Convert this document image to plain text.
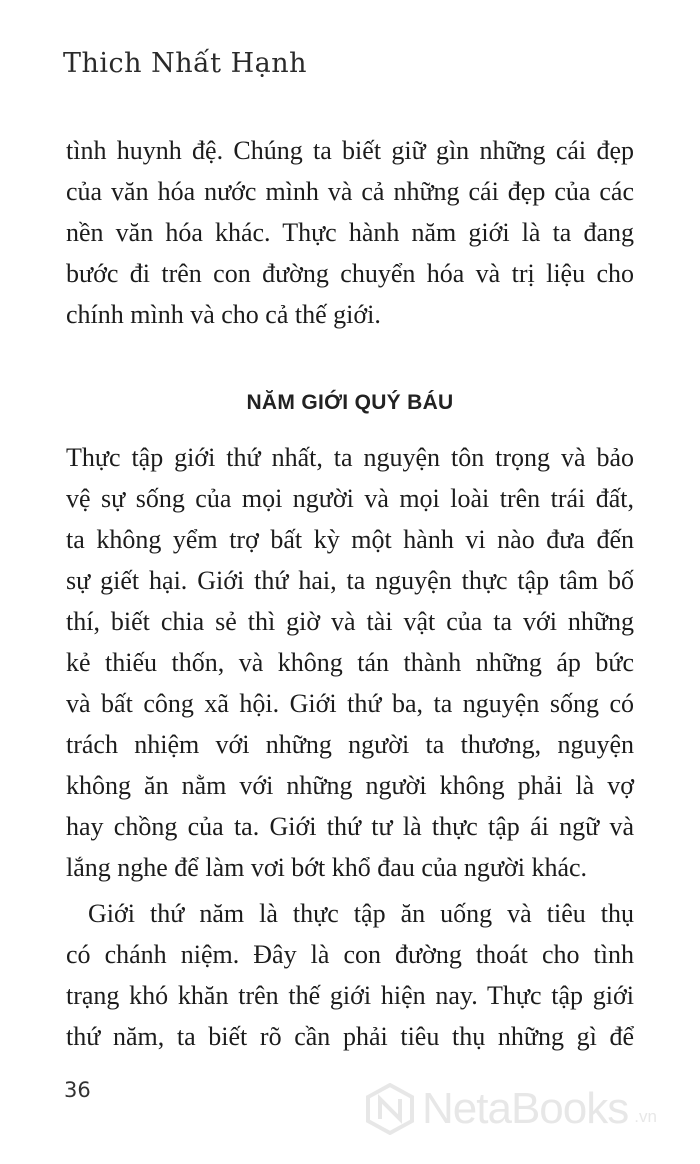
Thich Nhất Hạnh
tình huynh đệ. Chúng ta biết giữ gìn những cái đẹp
của văn hóa nước mình và cả những cái đẹp của các
nền văn hóa khác. Thực hành năm giới là ta đang
bước đi trên con đường chuyển hóa và trị liệu cho
chính mình và cho cả thế giới.
NĂM GIỚI QUÝ BÁU
Thực tập giới thứ nhất, ta nguyện tôn trọng và bảo
vệ sự sống của mọi người và mọi loài trên trái đất,
ta không yểm trợ bất kỳ một hành vi nào đưa đến
sự giết hại. Giới thứ hai, ta nguyện thực tập tâm bố
thí, biết chia sẻ thì giờ và tài vật của ta với những
kẻ thiếu thốn, và không tán thành những áp bức
và bất công xã hội. Giới thứ ba, ta nguyện sống có
trách nhiệm với những người ta thương, nguyện
không ăn nằm với những người không phải là vợ
hay chồng của ta. Giới thứ tư là thực tập ái ngữ và
lắng nghe để làm vơi bớt khổ đau của người khác.
Giới thứ năm là thực tập ăn uống và tiêu thụ
có chánh niệm. Đây là con đường thoát cho tình
trạng khó khăn trên thế giới hiện nay. Thực tập giới
thứ năm, ta biết rõ cần phải tiêu thụ những gì để
36	NetaBooks .vn
